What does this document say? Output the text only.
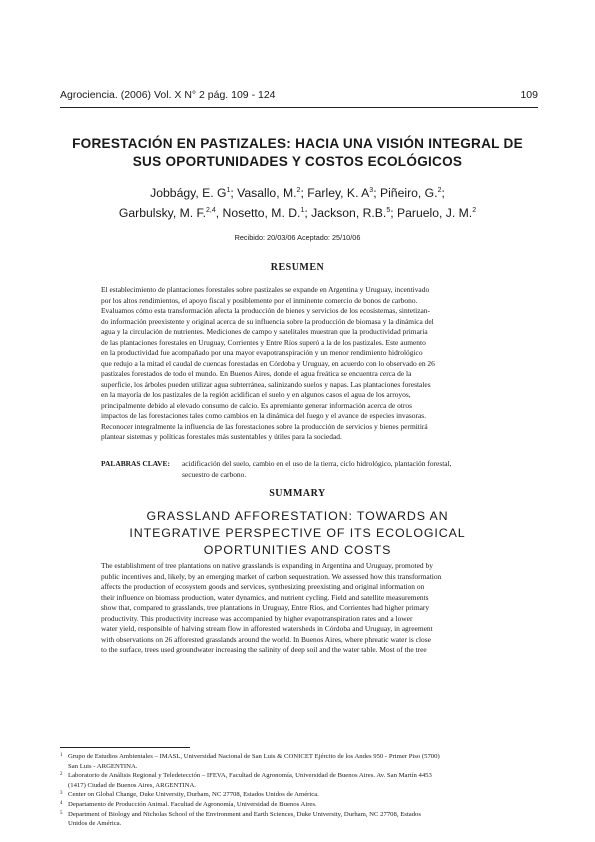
Agrociencia. (2006) Vol. X N° 2 pág. 109 - 124	109
FORESTACIÓN EN PASTIZALES: HACIA UNA VISIÓN INTEGRAL DE
SUS OPORTUNIDADES Y COSTOS ECOLÓGICOS
Jobbágy, E. $G^1$; Vasallo, M.$^2$; Farley, K. $A^3$; Piñeiro, G.$^2$;
Garbulsky, M. F.$^{2,4}$, Nosetto, M. D.$^1$; Jackson, R.B.$^5$; Paruelo, J. M.$^2$
Recibido: 20/03/06 Aceptado: 25/10/06
RESUMEN
El establecimiento de plantaciones forestales sobre pastizales se expande en Argentina y Uruguay, incentivado
por los altos rendimientos, el apoyo fiscal y posiblemente por el inminente comercio de bonos de carbono.
Evaluamos cómo esta transformación afecta la producción de bienes y servicios de los ecosistemas, sintetizan-
do información preexistente y original acerca de su influencia sobre la producción de biomasa y la dinámica del
agua y la circulación de nutrientes. Mediciones de campo y satelitales muestran que la productividad primaria
de las plantaciones forestales en Uruguay, Corrientes y Entre Ríos superó a la de los pastizales. Este aumento
en la productividad fue acompañado por una mayor evapotranspiración y un menor rendimiento hidrológico
que redujo a la mitad el caudal de cuencas forestadas en Córdoba y Uruguay, en acuerdo con lo observado en 26
pastizales forestados de todo el mundo. En Buenos Aires, donde el agua freática se encuentra cerca de la
superficie, los árboles pueden utilizar agua subterránea, salinizando suelos y napas. Las plantaciones forestales
en la mayoría de los pastizales de la región acidifican el suelo y en algunos casos el agua de los arroyos,
principalmente debido al elevado consumo de calcio. Es apremiante generar información acerca de otros
impactos de las forestaciones tales como cambios en la dinámica del fuego y el avance de especies invasoras.
Reconocer integralmente la influencia de las forestaciones sobre la producción de servicios y bienes permitirá
plantear sistemas y políticas forestales más sustentables y útiles para la sociedad.
PALABRAS CLAVE: acidificación del suelo, cambio en el uso de la tierra, ciclo hidrológico, plantación forestal,
secuestro de carbono.
SUMMARY
GRASSLAND AFFORESTATION: TOWARDS AN
INTEGRATIVE PERSPECTIVE OF ITS ECOLOGICAL
OPORTUNITIES AND COSTS
The establishment of tree plantations on native grasslands is expanding in Argentina and Uruguay, promoted by
public incentives and, likely, by an emerging market of carbon sequestration. We assessed how this transformation
affects the production of ecosystem goods and services, synthesizing preexisting and original information on
their influence on biomass production, water dynamics, and nutrient cycling. Field and satellite measurements
show that, compared to grasslands, tree plantations in Uruguay, Entre Ríos, and Corrientes had higher primary
productivity. This productivity increase was accompanied by higher evapotranspiration rates and a lower
water yield, responsible of halving stream flow in afforested watersheds in Córdoba and Uruguay, in agreement
with observations on 26 afforested grasslands around the world. In Buenos Aires, where phreatic water is close
to the surface, trees used groundwater increasing the salinity of deep soil and the water table. Most of the tree
1 Grupo de Estudios Ambientales – IMASL, Universidad Nacional de San Luis & CONICET Ejército de los Andes 950 - Primer Piso (5700)
San Luis - ARGENTINA.
2 Laboratorio de Análisis Regional y Teledetección – IFEVA, Facultad de Agronomía, Universidad de Buenos Aires. Av. San Martín 4453
(1417) Ciudad de Buenos Aires, ARGENTINA.
3 Center on Global Change, Duke University, Durham, NC 27708, Estados Unidos de América.
4 Departamento de Producción Animal. Facultad de Agronomía, Universidad de Buenos Aires.
5 Department of Biology and Nicholas School of the Environment and Earth Sciences, Duke University, Durham, NC 27708, Estados
Unidos de América.
